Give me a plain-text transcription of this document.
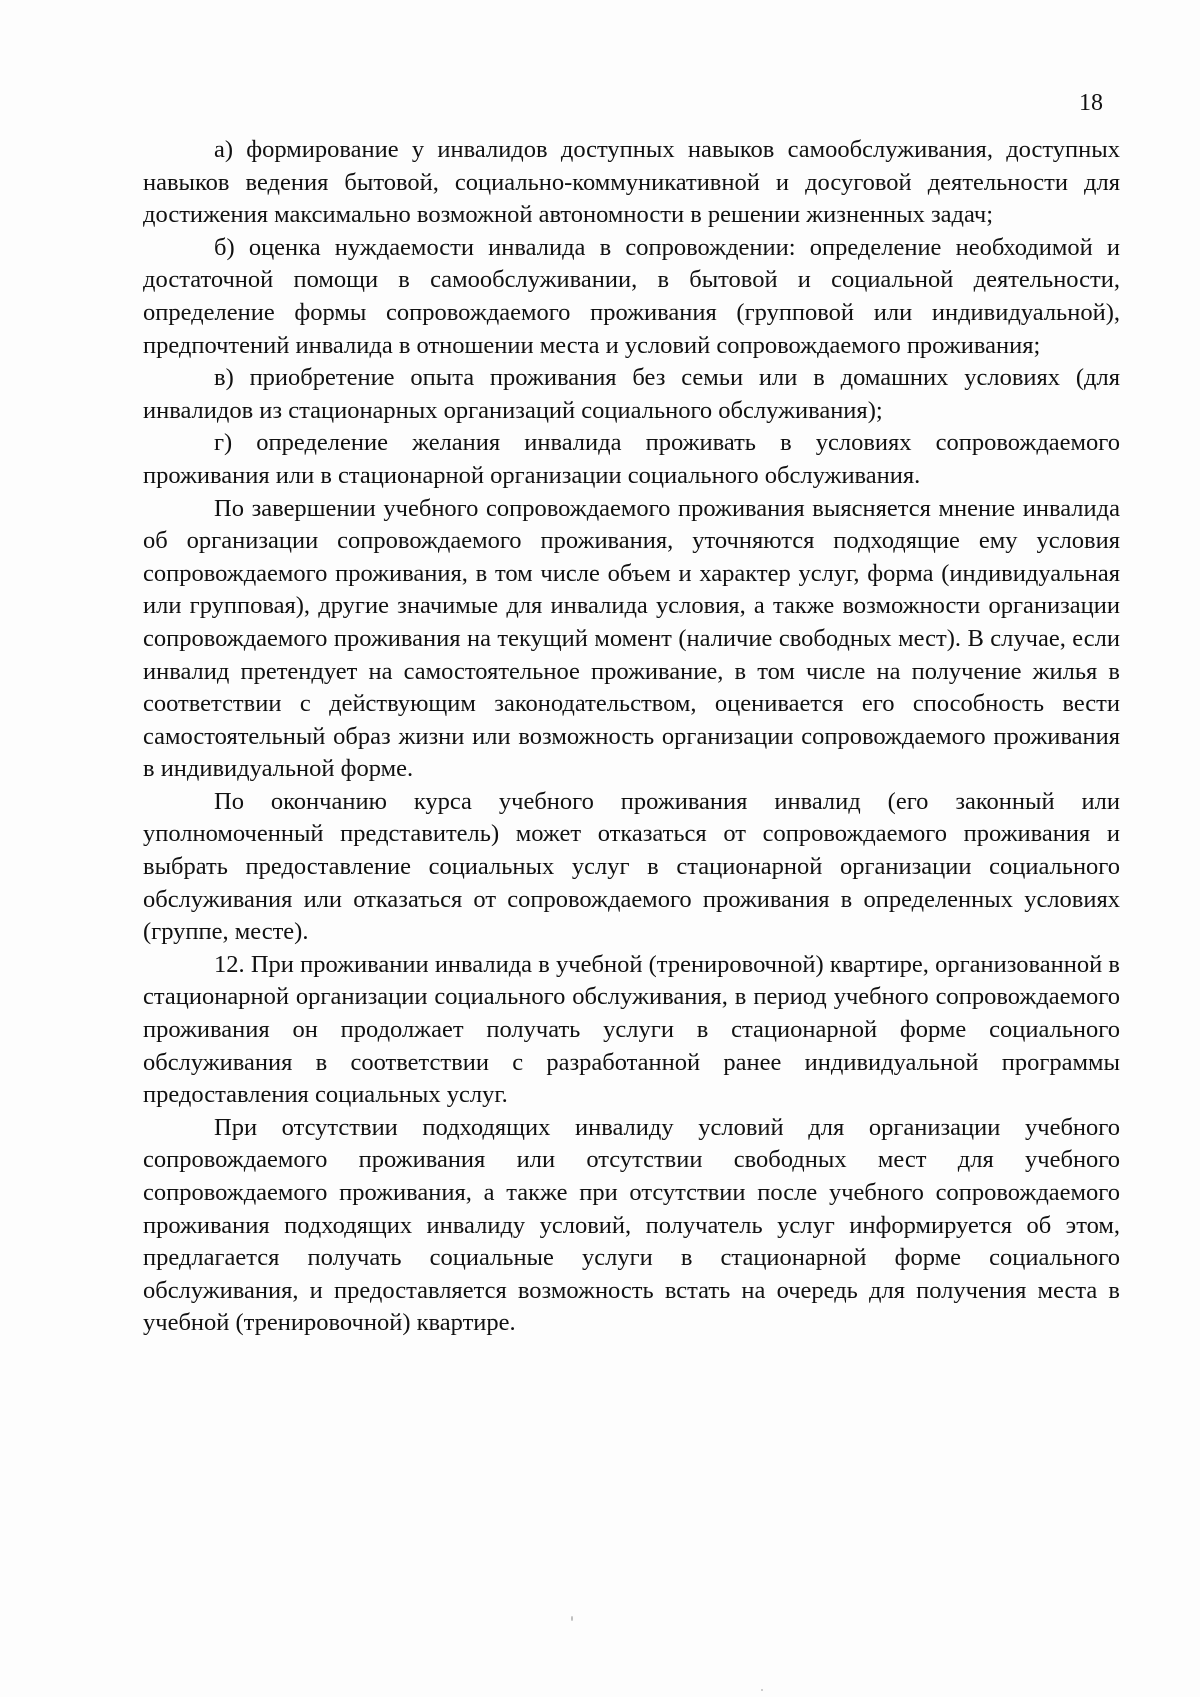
18

а) формирование у инвалидов доступных навыков самообслуживания, доступных навыков ведения бытовой, социально-коммуникативной и досуговой деятельности для достижения максимально возможной автономности в решении жизненных задач;

б) оценка нуждаемости инвалида в сопровождении: определение необходимой и достаточной помощи в самообслуживании, в бытовой и социальной деятельности, определение формы сопровождаемого проживания (групповой или индивидуальной), предпочтений инвалида в отношении места и условий сопровождаемого проживания;

в) приобретение опыта проживания без семьи или в домашних условиях (для инвалидов из стационарных организаций социального обслуживания);

г) определение желания инвалида проживать в условиях сопровождаемого проживания или в стационарной организации социального обслуживания.

По завершении учебного сопровождаемого проживания выясняется мнение инвалида об организации сопровождаемого проживания, уточняются подходящие ему условия сопровождаемого проживания, в том числе объем и характер услуг, форма (индивидуальная или групповая), другие значимые для инвалида условия, а также возможности организации сопровождаемого проживания на текущий момент (наличие свободных мест). В случае, если инвалид претендует на самостоятельное проживание, в том числе на получение жилья в соответствии с действующим законодательством, оценивается его способность вести самостоятельный образ жизни или возможность организации сопровождаемого проживания в индивидуальной форме.

По окончанию курса учебного проживания инвалид (его законный или уполномоченный представитель) может отказаться от сопровождаемого проживания и выбрать предоставление социальных услуг в стационарной организации социального обслуживания или отказаться от сопровождаемого проживания в определенных условиях (группе, месте).

12. При проживании инвалида в учебной (тренировочной) квартире, организованной в стационарной организации социального обслуживания, в период учебного сопровождаемого проживания он продолжает получать услуги в стационарной форме социального обслуживания в соответствии с разработанной ранее индивидуальной программы предоставления социальных услуг.

При отсутствии подходящих инвалиду условий для организации учебного сопровождаемого проживания или отсутствии свободных мест для учебного сопровождаемого проживания, а также при отсутствии после учебного сопровождаемого проживания подходящих инвалиду условий, получатель услуг информируется об этом, предлагается получать социальные услуги в стационарной форме социального обслуживания, и предоставляется возможность встать на очередь для получения места в учебной (тренировочной) квартире.
